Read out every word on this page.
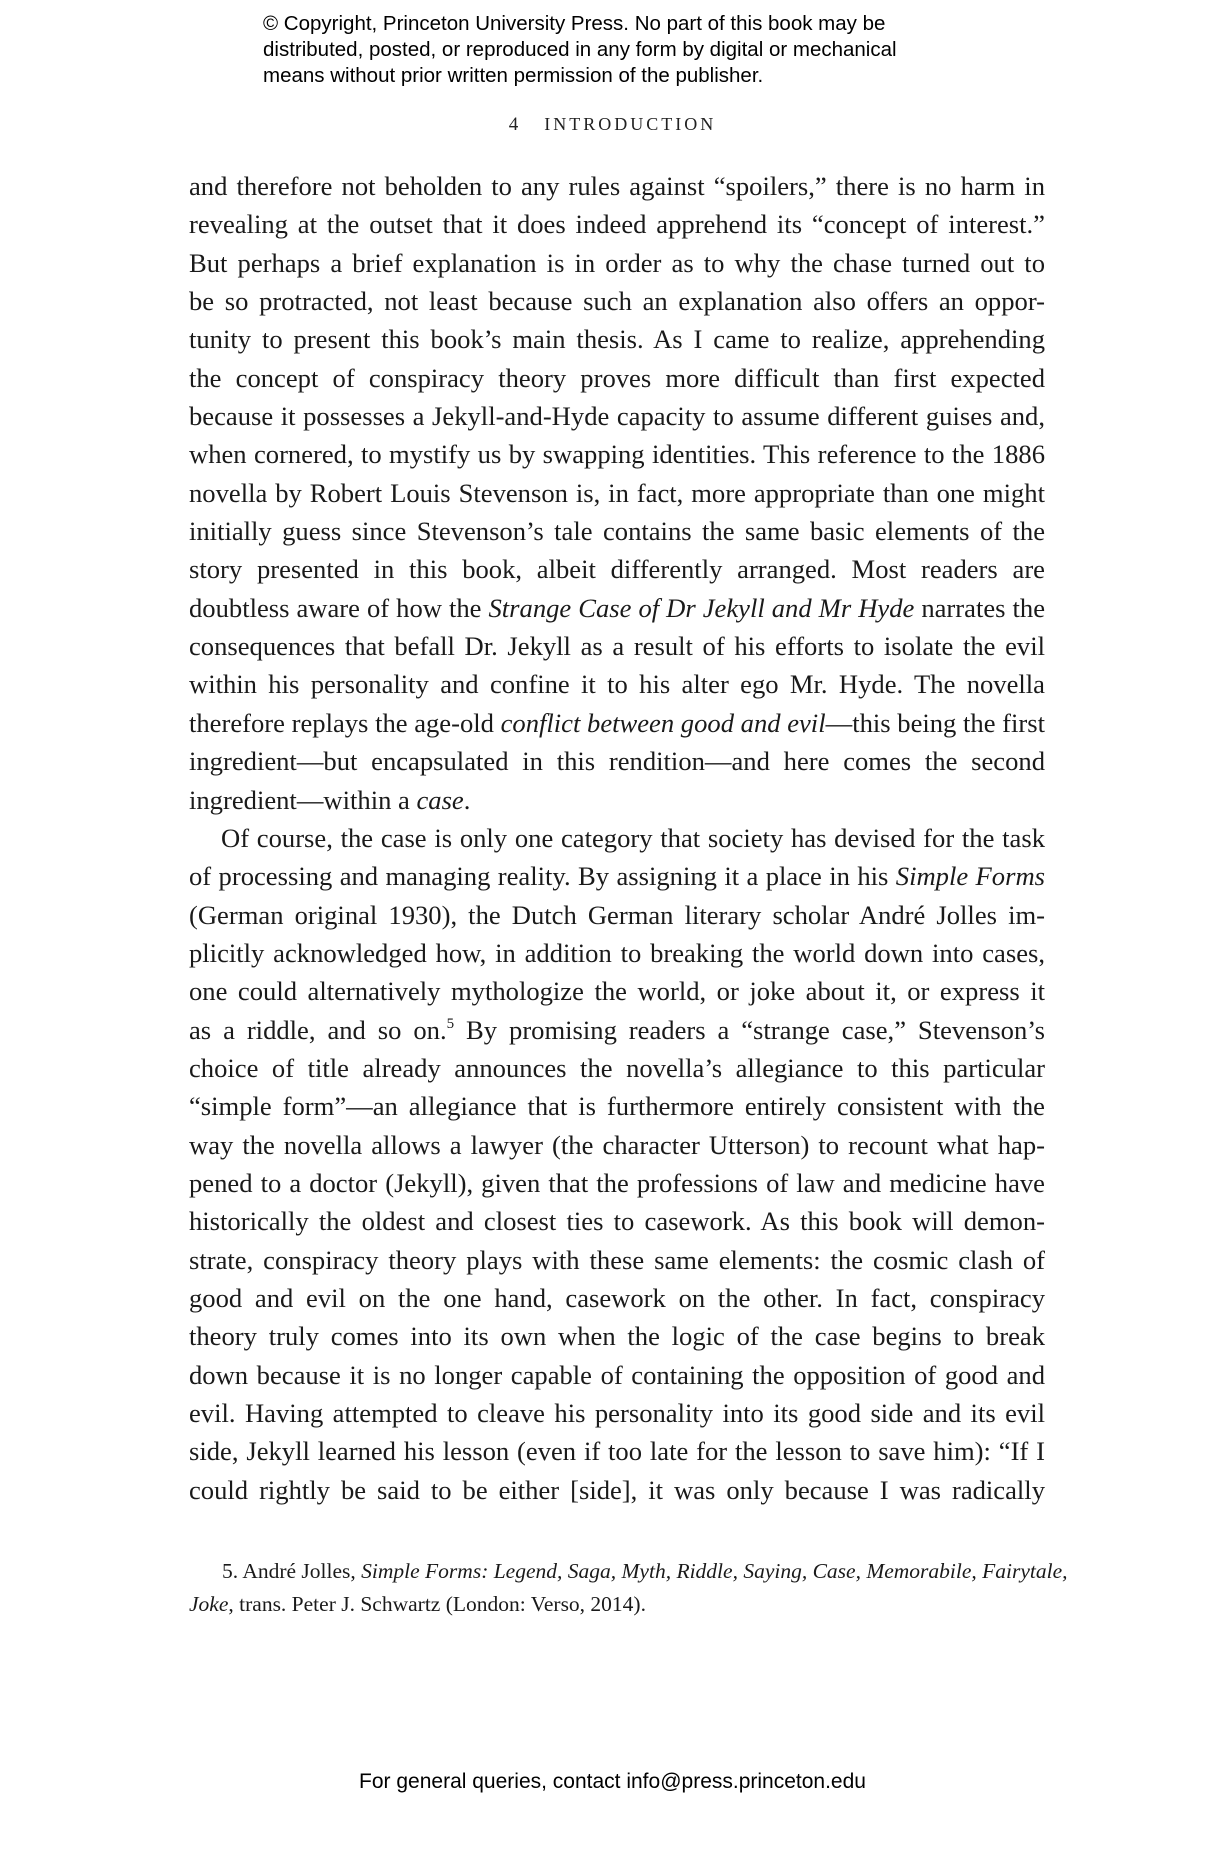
© Copyright, Princeton University Press. No part of this book may be
distributed, posted, or reproduced in any form by digital or mechanical
means without prior written permission of the publisher.
4 INTRODUCTION
and therefore not beholden to any rules against “spoilers,” there is no harm in
revealing at the outset that it does indeed apprehend its “concept of interest.”
But perhaps a brief explanation is in order as to why the chase turned out to
be so protracted, not least because such an explanation also offers an oppor-
tunity to present this book’s main thesis. As I came to realize, apprehending
the concept of conspiracy theory proves more difficult than first expected
because it possesses a Jekyll-and-Hyde capacity to assume different guises and,
when cornered, to mystify us by swapping identities. This reference to the 1886
novella by Robert Louis Stevenson is, in fact, more appropriate than one might
initially guess since Stevenson’s tale contains the same basic elements of the
story presented in this book, albeit differently arranged. Most readers are
doubtless aware of how the Strange Case of Dr Jekyll and Mr Hyde narrates the
consequences that befall Dr. Jekyll as a result of his efforts to isolate the evil
within his personality and confine it to his alter ego Mr. Hyde. The novella
therefore replays the age-old conflict between good and evil—this being the first
ingredient—but encapsulated in this rendition—and here comes the second
ingredient—within a case.
Of course, the case is only one category that society has devised for the task
of processing and managing reality. By assigning it a place in his Simple Forms
(German original 1930), the Dutch German literary scholar André Jolles im-
plicitly acknowledged how, in addition to breaking the world down into cases,
one could alternatively mythologize the world, or joke about it, or express it
as a riddle, and so on.$^5$ By promising readers a “strange case,” Stevenson’s
choice of title already announces the novella’s allegiance to this particular
“simple form”—an allegiance that is furthermore entirely consistent with the
way the novella allows a lawyer (the character Utterson) to recount what hap-
pened to a doctor (Jekyll), given that the professions of law and medicine have
historically the oldest and closest ties to casework. As this book will demon-
strate, conspiracy theory plays with these same elements: the cosmic clash of
good and evil on the one hand, casework on the other. In fact, conspiracy
theory truly comes into its own when the logic of the case begins to break
down because it is no longer capable of containing the opposition of good and
evil. Having attempted to cleave his personality into its good side and its evil
side, Jekyll learned his lesson (even if too late for the lesson to save him): “If I
could rightly be said to be either [side], it was only because I was radically
5. André Jolles, Simple Forms: Legend, Saga, Myth, Riddle, Saying, Case, Memorabile, Fairytale,
Joke, trans. Peter J. Schwartz (London: Verso, 2014).
For general queries, contact info@press.princeton.edu
